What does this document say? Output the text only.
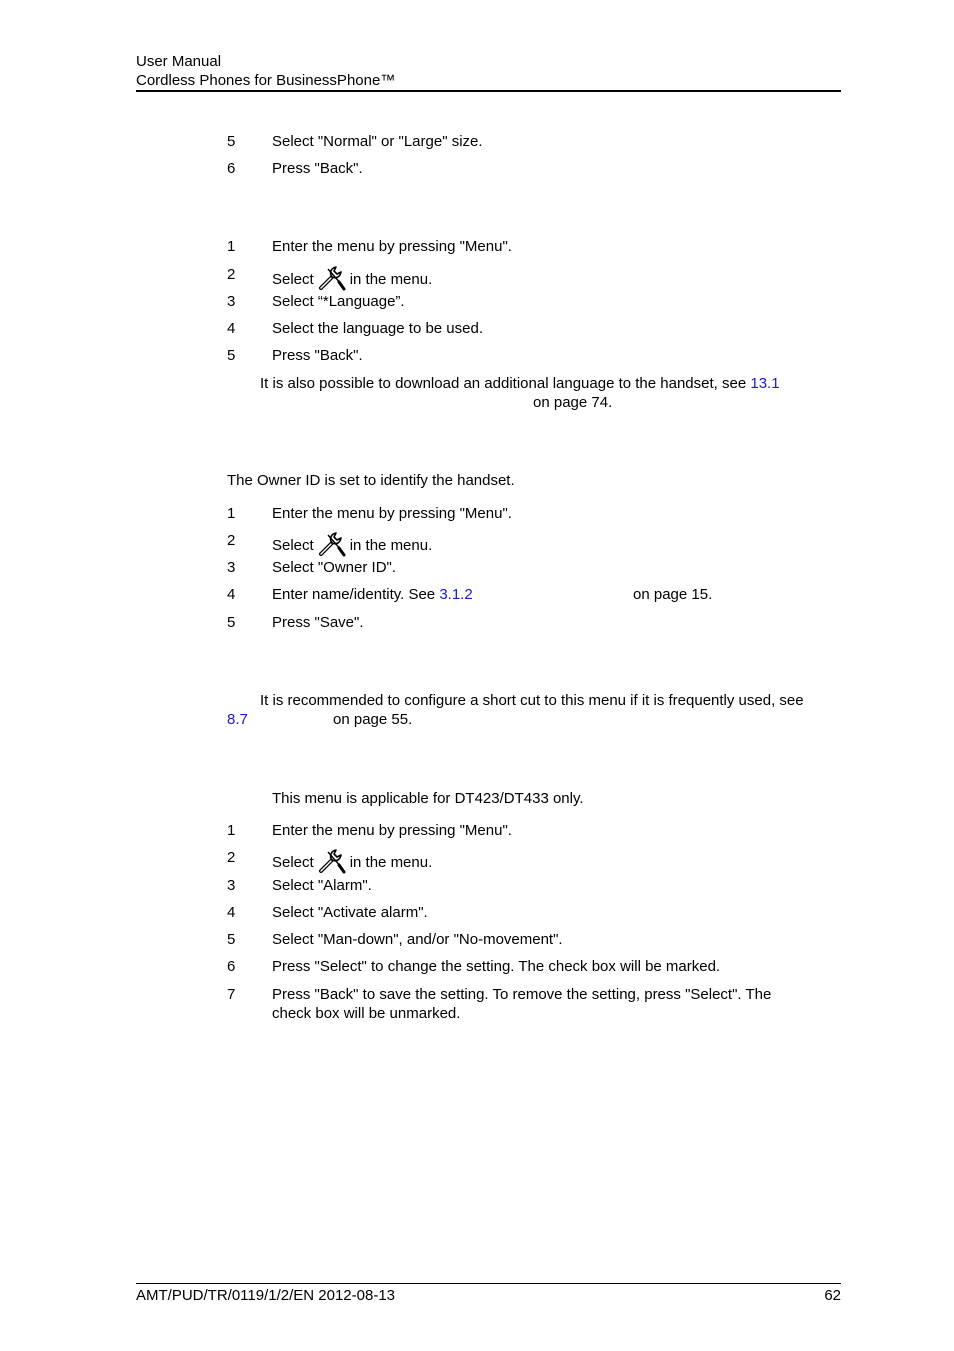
User Manual
Cordless Phones for BusinessPhone™
5 Select "Normal" or "Large" size.
6 Press "Back".
1 Enter the menu by pressing "Menu".
2 Select in the menu.
3 Select “*Language”.
4 Select the language to be used.
5 Press "Back".
It is also possible to download an additional language to the handset, see 13.1
on page 74.
The Owner ID is set to identify the handset.
1 Enter the menu by pressing "Menu".
2 Select in the menu.
3 Select "Owner ID".
4 Enter name/identity. See 3.1.2	on page 15.
5 Press "Save".
It is recommended to configure a short cut to this menu if it is frequently used, see
8.7	on page 55.
This menu is applicable for DT423/DT433 only.
1 Enter the menu by pressing "Menu".
2 Select in the menu.
3 Select "Alarm".
4 Select "Activate alarm".
5 Select "Man-down", and/or "No-movement".
6 Press "Select" to change the setting. The check box will be marked.
7 Press "Back" to save the setting. To remove the setting, press "Select". The
check box will be unmarked.
AMT/PUD/TR/0119/1/2/EN 2012-08-13	62
